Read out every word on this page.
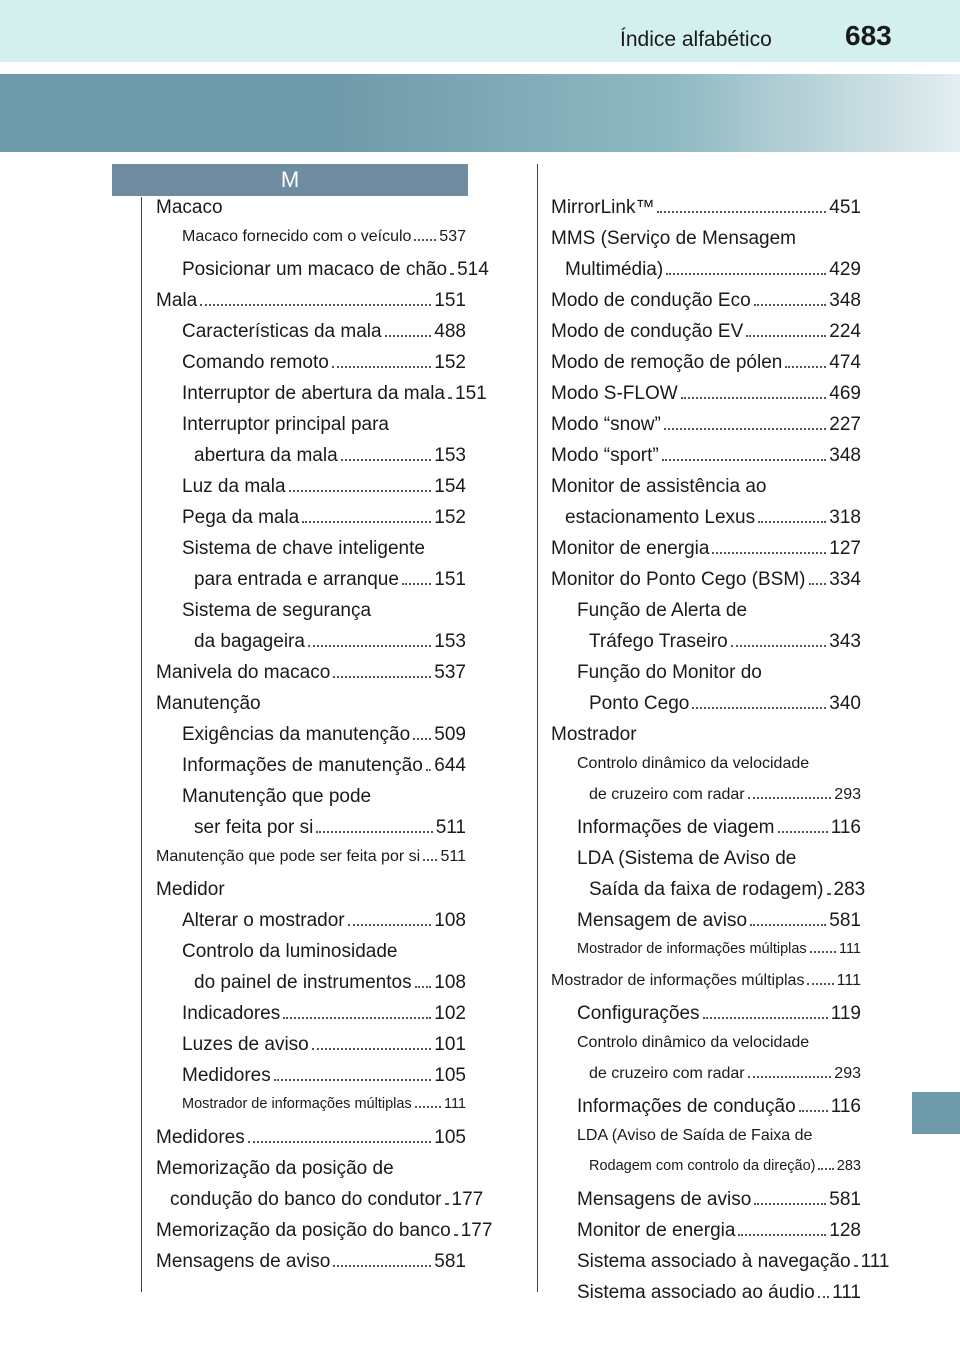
Índice alfabético	683
M
Macaco
Macaco fornecido com o veículo 537
Posicionar um macaco de chão 514
Mala	151
Características da mala	488
Comando remoto	152
Interruptor de abertura da mala 151
Interruptor principal para
abertura da mala	153
Luz da mala	154
Pega da mala	152
Sistema de chave inteligente
para entrada e arranque 151
Sistema de segurança
da bagageira	153
Manivela do macaco	537
Manutenção
Exigências da manutenção 509
Informações de manutenção 644
Manutenção que pode
ser feita por si	511
Manutenção que pode ser feita por si 511
Medidor
Alterar o mostrador	108
Controlo da luminosidade
do painel de instrumentos 108
Indicadores	102
Luzes de aviso	101
Medidores	105
Mostrador de informações múltiplas 111
Medidores	105
Memorização da posição de
condução do banco do condutor 177
Memorização da posição do banco 177
Mensagens de aviso	581
MirrorLink™	451
MMS (Serviço de Mensagem
Multimédia)	429
Modo de condução Eco	348
Modo de condução EV	224
Modo de remoção de pólen 474
Modo S-FLOW	469
Modo “snow”	227
Modo “sport”	348
Monitor de assistência ao
estacionamento Lexus	318
Monitor de energia	127
Monitor do Ponto Cego (BSM) 334
Função de Alerta de
Tráfego Traseiro	343
Função do Monitor do
Ponto Cego	340
Mostrador
Controlo dinâmico da velocidade
de cruzeiro com radar	293
Informações de viagem	116
LDA (Sistema de Aviso de
Saída da faixa de rodagem) 283
Mensagem de aviso	581
Mostrador de informações múltiplas 111
Mostrador de informações múltiplas 111
Configurações	119
Controlo dinâmico da velocidade
de cruzeiro com radar	293
Informações de condução 116
LDA (Aviso de Saída de Faixa de
Rodagem com controlo da direção) 283
Mensagens de aviso	581
Monitor de energia	128
Sistema associado à navegação 111
Sistema associado ao áudio 111
